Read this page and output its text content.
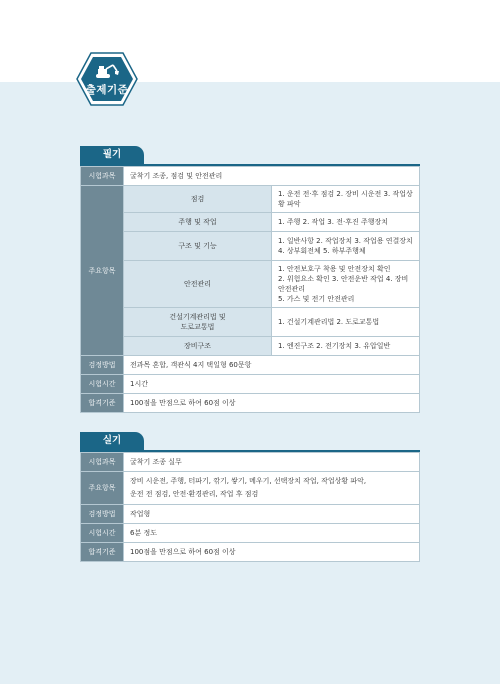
출제기준
필기
시험과목	굴착기 조종, 점검 및 안전관리	
주요항목	점검	1. 운전 전·후 점검 2. 장비 시운전 3. 작업상황 파악
	주행 및 작업	1. 주행 2. 작업 3. 전·후진 주행장치
	구조 및 기능	1. 일반사항 2. 작업장치 3. 작업용 연결장치
4. 상부회전체 5. 하부주행체
	안전관리	1. 안전보호구 착용 및 안전장치 확인
2. 위험요소 확인 3. 안전운반 작업 4. 장비 안전관리
5. 가스 및 전기 안전관리
	건설기계관리법 및
도로교통법	1. 건설기계관리법 2. 도로교통법
	장비구조	1. 엔진구조 2. 전기장치 3. 유압일반
검정방법	전과목 혼합, 객관식 4지 택일형 60문항	
시험시간	1시간	
합격기준	100점을 만점으로 하여 60점 이상	
실기
시험과목	굴착기 조종 실무
주요항목	장비 시운전, 주행, 터파기, 깎기, 쌓기, 메우기, 선택장치 작업, 작업상황 파악,
운전 전 점검, 안전·환경관리, 작업 후 점검
검정방법	작업형
시험시간	6분 정도
합격기준	100점을 만점으로 하여 60점 이상
